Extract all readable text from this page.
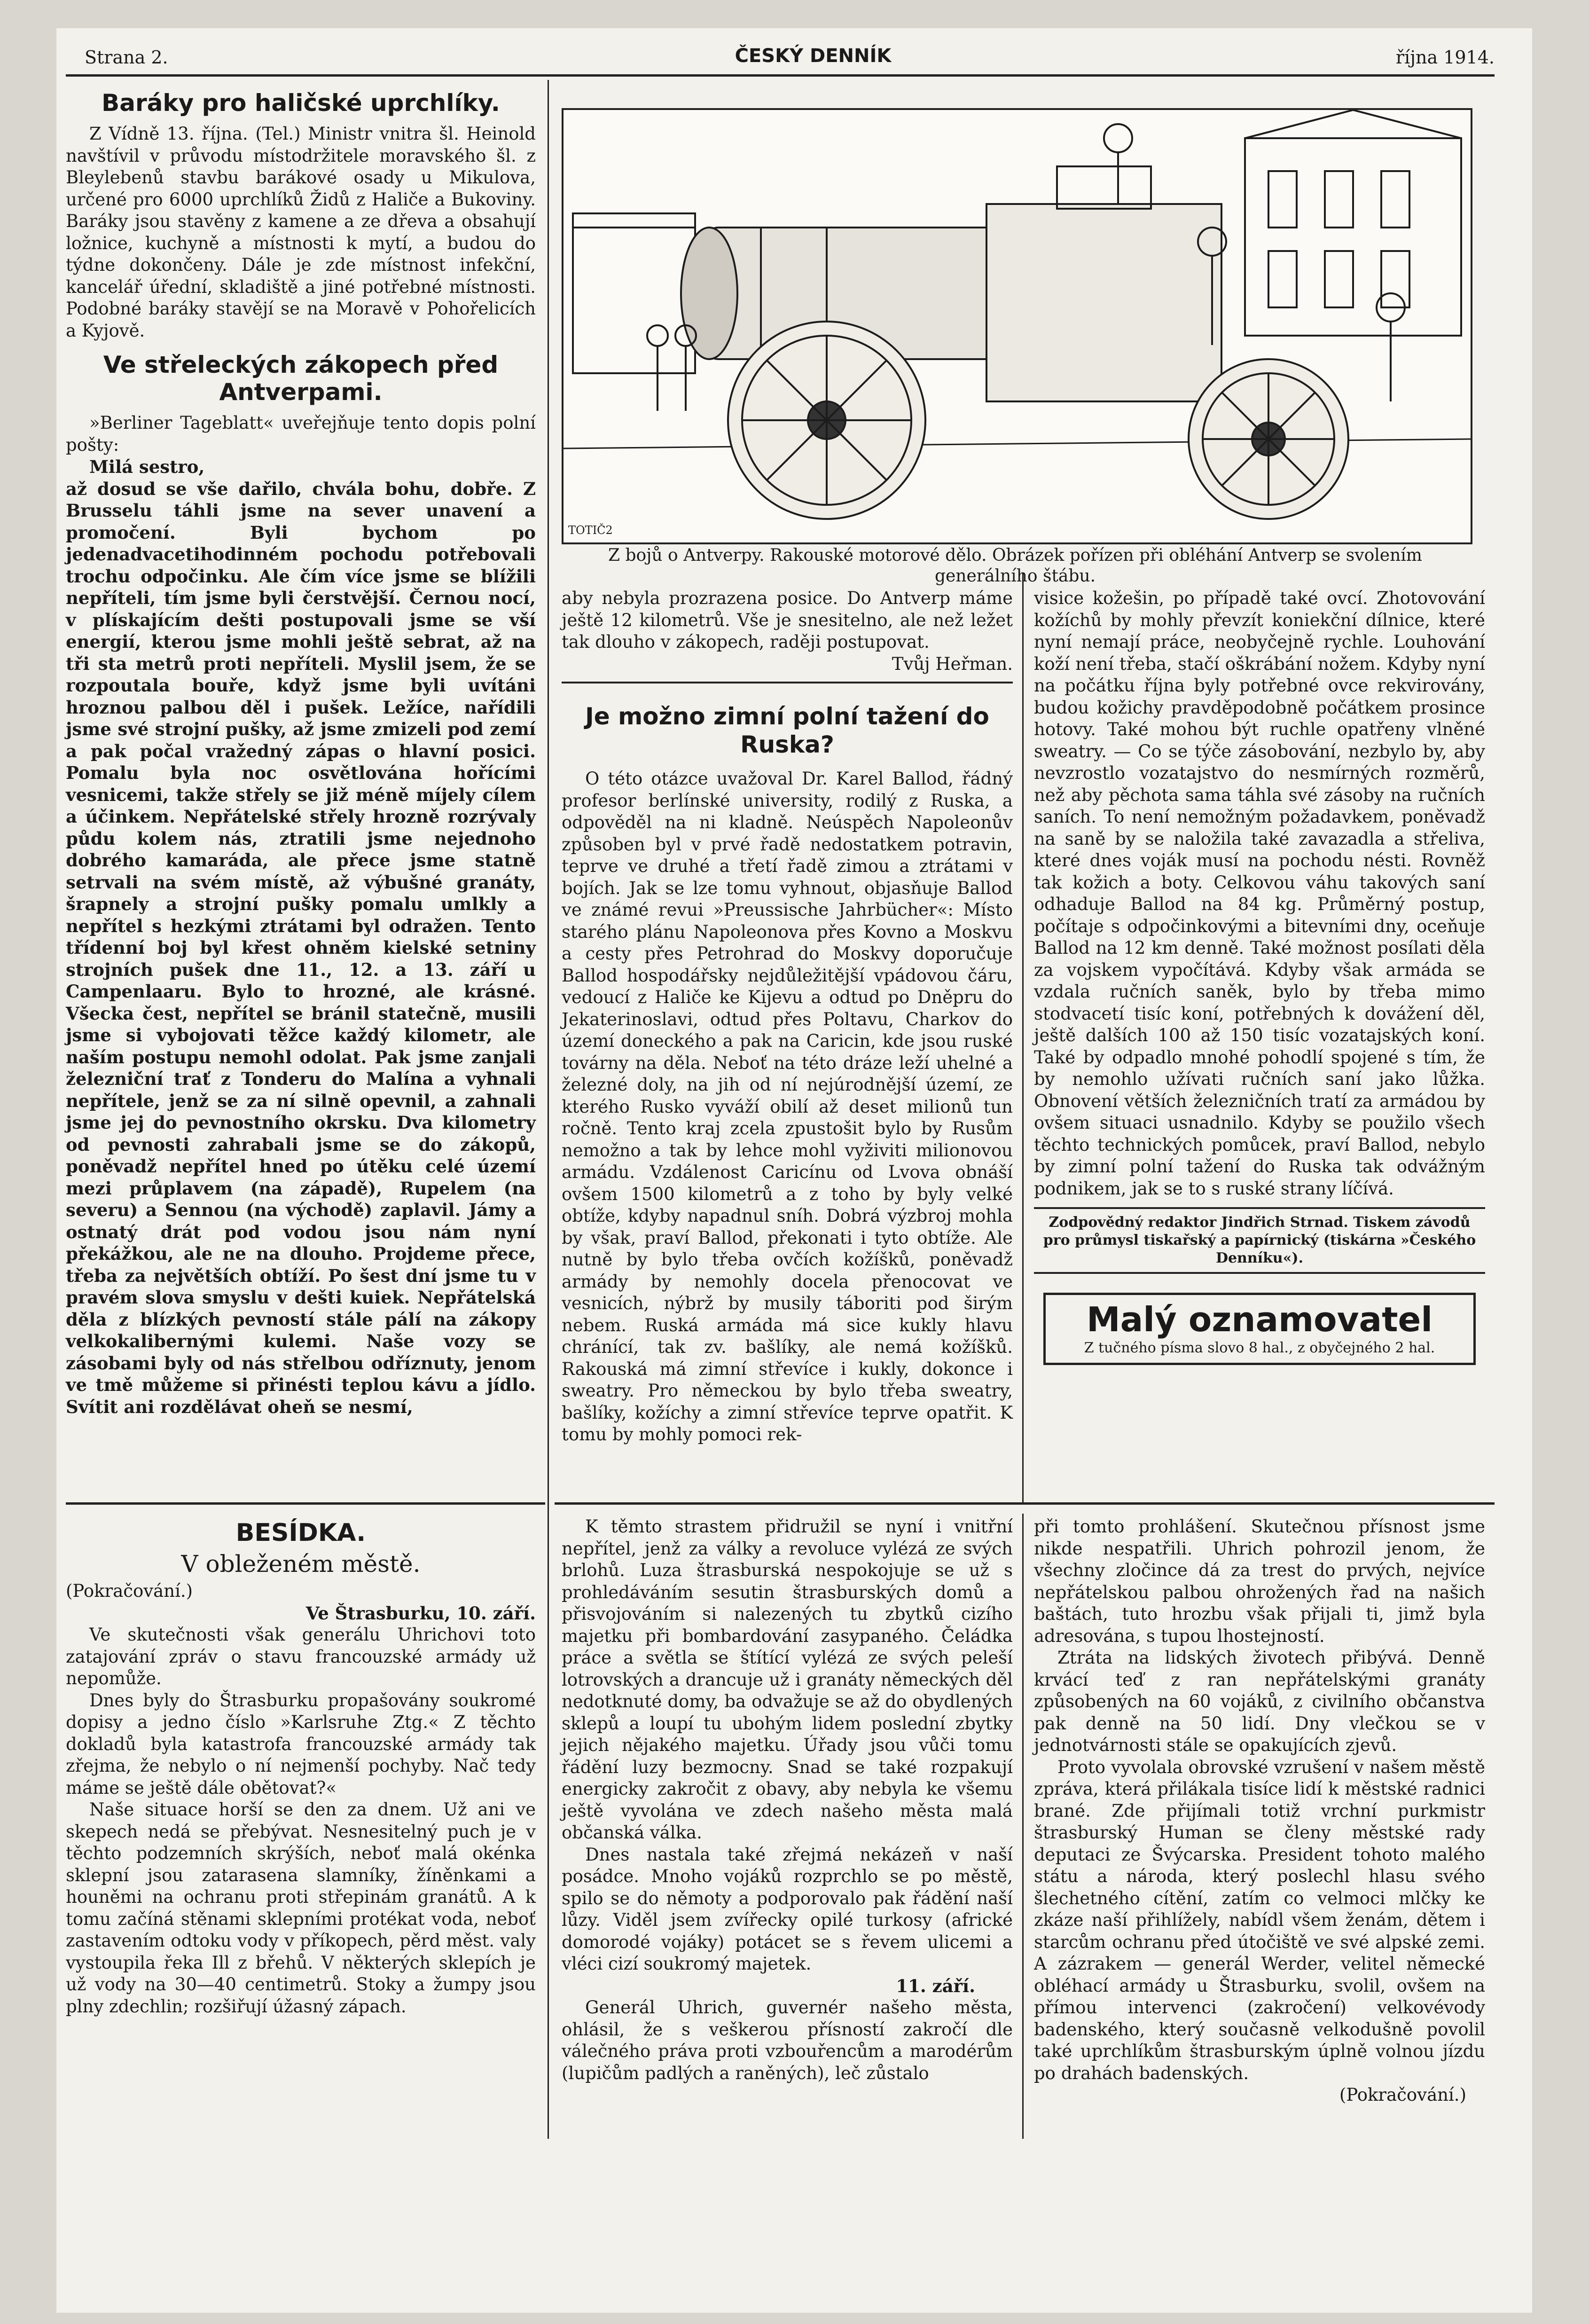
Strana 2.	ČESKÝ DENNÍK	října 1914.
Baráky pro haličské uprchlíky.

Z Vídně 13. října. (Tel.) Ministr vnitra šl. Heinold navštívil v průvodu místodržitele moravského šl. z Bleylebenů stavbu barákové osady u Mikulova, určené pro 6000 uprchlíků Židů z Haliče a Bukoviny. Baráky jsou stavěny z kamene a ze dřeva a obsahují ložnice, kuchyně a místnosti k mytí, a budou do týdne dokončeny. Dále je zde místnost infekční, kancelář úřední, skladiště a jiné potřebné místnosti. Podobné baráky stavějí se na Moravě v Pohořelicích a Kyjově.

Ve střeleckých zákopech před Antverpami.

»Berliner Tageblatt« uveřejňuje tento dopis polní pošty:

Milá sestro,

až dosud se vše dařilo, chvála bohu, dobře. Z Brusselu táhli jsme na sever unavení a promočení. Byli bychom po jedenadvacetihodinném pochodu potřebovali trochu odpočinku. Ale čím více jsme se blížili nepříteli, tím jsme byli čerstvější. Černou nocí, v plískajícím dešti postupovali jsme se vší energií, kterou jsme mohli ještě sebrat, až na tři sta metrů proti nepříteli. Myslil jsem, že se rozpoutala bouře, když jsme byli uvítáni hroznou palbou děl i pušek. Ležíce, nařídili jsme své strojní pušky, až jsme zmizeli pod zemí a pak počal vražedný zápas o hlavní posici. Pomalu byla noc osvětlována hořícími vesnicemi, takže střely se již méně míjely cílem a účinkem. Nepřátelské střely hrozně rozrývaly půdu kolem nás, ztratili jsme nejednoho dobrého kamaráda, ale přece jsme statně setrvali na svém místě, až výbušné granáty, šrapnely a strojní pušky pomalu umlkly a nepřítel s hezkými ztrátami byl odražen. Tento třídenní boj byl křest ohněm kielské setniny strojních pušek dne 11., 12. a 13. září u Campenlaaru. Bylo to hrozné, ale krásné. Všecka čest, nepřítel se bránil statečně, musili jsme si vybojovati těžce každý kilometr, ale naším postupu nemohl odolat. Pak jsme zanjali železniční trať z Tonderu do Malína a vyhnali nepřítele, jenž se za ní silně opevnil, a zahnali jsme jej do pevnostního okrsku. Dva kilometry od pevnosti zahrabali jsme se do zákopů, poněvadž nepřítel hned po útěku celé území mezi průplavem (na západě), Rupelem (na severu) a Sennou (na východě) zaplavil. Jámy a ostnatý drát pod vodou jsou nám nyní překážkou, ale ne na dlouho. Projdeme přece, třeba za největších obtíží. Po šest dní jsme tu v pravém slova smyslu v dešti kuiek. Nepřátelská děla z blízkých pevností stále pálí na zákopy velkokalibernými kulemi. Naše vozy se zásobami byly od nás střelbou odříznuty, jenom ve tmě můžeme si přinésti teplou kávu a jídlo. Svítit ani rozdělávat oheň se nesmí,

BESÍDKA.
V obleženém městě.
(Pokračování.)
Ve Štrasburku, 10. září.

Ve skutečnosti však generálu Uhrichovi toto zatajování zpráv o stavu francouzské armády už nepomůže.

Dnes byly do Štrasburku propašovány soukromé dopisy a jedno číslo »Karlsruhe Ztg.« Z těchto dokladů byla katastrofa francouzské armády tak zřejma, že nebylo o ní nejmenší pochyby. Nač tedy máme se ještě dále obětovat?«

Naše situace horší se den za dnem. Už ani ve skepech nedá se přebývat. Nesnesitelný puch je v těchto podzemních skrýších, neboť malá okénka sklepní jsou zatarasena slamníky, žíněnkami a houněmi na ochranu proti střepinám granátů. A k tomu začíná stěnami sklepními protékat voda, neboť zastavením odtoku vody v příkopech, pěrd měst. valy vystoupila řeka Ill z břehů. V některých sklepích je už vody na 30—40 centimetrů. Stoky a žumpy jsou plny zdechlin; rozšiřují úžasný zápach.

TOTIČ2
Z bojů o Antverpy. Rakouské motorové dělo. Obrázek pořízen při obléhání Antverp se svolením generálního štábu.

aby nebyla prozrazena posice. Do Antverp máme ještě 12 kilometrů. Vše je snesitelno, ale než ležet tak dlouho v zákopech, raději postupovat.

Tvůj Heřman.
Je možno zimní polní tažení do Ruska?

O této otázce uvažoval Dr. Karel Ballod, řádný profesor berlínské university, rodilý z Ruska, a odpověděl na ni kladně. Neúspěch Napoleonův způsoben byl v prvé řadě nedostatkem potravin, teprve ve druhé a třetí řadě zimou a ztrátami v bojích. Jak se lze tomu vyhnout, objasňuje Ballod ve známé revui »Preussische Jahrbücher«: Místo starého plánu Napoleonova přes Kovno a Moskvu a cesty přes Petrohrad do Moskvy doporučuje Ballod hospodářsky nejdůležitější vpádovou čáru, vedoucí z Haliče ke Kijevu a odtud po Dněpru do Jekaterinoslavi, odtud přes Poltavu, Charkov do území doneckého a pak na Caricin, kde jsou ruské továrny na děla. Neboť na této dráze leží uhelné a železné doly, na jih od ní nejúrodnější území, ze kterého Rusko vyváží obilí až deset milionů tun ročně. Tento kraj zcela zpustošit bylo by Rusům nemožno a tak by lehce mohl vyživiti milionovou armádu. Vzdálenost Caricínu od Lvova obnáší ovšem 1500 kilometrů a z toho by byly velké obtíže, kdyby napadnul sníh. Dobrá výzbroj mohla by však, praví Ballod, překonati i tyto obtíže. Ale nutně by bylo třeba ovčích kožíšků, poněvadž armády by nemohly docela přenocovat ve vesnicích, nýbrž by musily táboriti pod širým nebem. Ruská armáda má sice kukly hlavu chránící, tak zv. bašlíky, ale nemá kožíšků. Rakouská má zimní střevíce i kukly, dokonce i sweatry. Pro německou by bylo třeba sweatry, bašlíky, kožíchy a zimní střevíce teprve opatřit. K tomu by mohly pomoci rek-

visice kožešin, po případě také ovcí. Zhotovování kožíchů by mohly převzít koniekční dílnice, které nyní nemají práce, neobyčejně rychle. Louhování koží není třeba, stačí oškrábání nožem. Kdyby nyní na počátku října byly potřebné ovce rekvirovány, budou kožichy pravděpodobně počátkem prosince hotovy. Také mohou být ruchle opatřeny vlněné sweatry. — Co se týče zásobování, nezbylo by, aby nevzrostlo vozatajstvo do nesmírných rozměrů, než aby pěchota sama táhla své zásoby na ručních saních. To není nemožným požadavkem, poněvadž na saně by se naložila také zavazadla a střeliva, které dnes voják musí na pochodu nésti. Rovněž tak kožich a boty. Celkovou váhu takových saní odhaduje Ballod na 84 kg. Průměrný postup, počítaje s odpočinkovými a bitevními dny, oceňuje Ballod na 12 km denně. Také možnost posílati děla za vojskem vypočítává. Kdyby však armáda se vzdala ručních saněk, bylo by třeba mimo stodvacetí tisíc koní, potřebných k dovážení děl, ještě dalších 100 až 150 tisíc vozatajských koní. Také by odpadlo mnohé pohodlí spojené s tím, že by nemohlo užívati ručních saní jako lůžka. Obnovení větších železničních tratí za armádou by ovšem situaci usnadnilo. Kdyby se použilo všech těchto technických pomůcek, praví Ballod, nebylo by zimní polní tažení do Ruska tak odvážným podnikem, jak se to s ruské strany líčívá.

Zodpovědný redaktor Jindřich Strnad. Tiskem závodů pro průmysl tiskařský a papírnický (tiskárna »Českého Denníku«).
Malý oznamovatel
Z tučného písma slovo 8 hal., z obyčejného 2 hal.

K těmto strastem přidružil se nyní i vnitřní nepřítel, jenž za války a revoluce vylézá ze svých brlohů. Luza štrasburská nespokojuje se už s prohledáváním sesutin štrasburských domů a přisvojováním si nalezených tu zbytků cizího majetku při bombardování zasypaného. Čeládka práce a světla se štítící vylézá ze svých peleší lotrovských a drancuje už i granáty německých děl nedotknuté domy, ba odvažuje se až do obydlených sklepů a loupí tu ubohým lidem poslední zbytky jejich nějakého majetku. Úřady jsou vůči tomu řádění luzy bezmocny. Snad se také rozpakují energicky zakročit z obavy, aby nebyla ke všemu ještě vyvolána ve zdech našeho města malá občanská válka.

Dnes nastala také zřejmá nekázeň v naší posádce. Mnoho vojáků rozprchlo se po městě, spilo se do němoty a podporovalo pak řádění naší lůzy. Viděl jsem zvířecky opilé turkosy (africké domorodé vojáky) potácet se s řevem ulicemi a vléci cizí soukromý majetek.

11. září.

Generál Uhrich, guvernér našeho města, ohlásil, že s veškerou přísností zakročí dle válečného práva proti vzbouřencům a marodérům (lupičům padlých a raněných), leč zůstalo

při tomto prohlášení. Skutečnou přísnost jsme nikde nespatřili. Uhrich pohrozil jenom, že všechny zločince dá za trest do prvých, nejvíce nepřátelskou palbou ohrožených řad na našich baštách, tuto hrozbu však přijali ti, jimž byla adresována, s tupou lhostejností.

Ztráta na lidských životech přibývá. Denně krvácí teď z ran nepřátelskými granáty způsobených na 60 vojáků, z civilního občanstva pak denně na 50 lidí. Dny vlečkou se v jednotvárnosti stále se opakujících zjevů.

Proto vyvolala obrovské vzrušení v našem městě zpráva, která přilákala tisíce lidí k městské radnici brané. Zde přijímali totiž vrchní purkmistr štrasburský Human se členy městské rady deputaci ze Švýcarska. President tohoto malého státu a národa, který poslechl hlasu svého šlechetného cítění, zatím co velmoci mlčky ke zkáze naší přihlížely, nabídl všem ženám, dětem i starcům ochranu před útočiště ve své alpské zemi. A zázrakem — generál Werder, velitel německé obléhací armády u Štrasburku, svolil, ovšem na přímou intervenci (zakročení) velkovévody badenského, který současně velkodušně povolil také uprchlíkům štrasburským úplně volnou jízdu po drahách badenských.

(Pokračování.)
